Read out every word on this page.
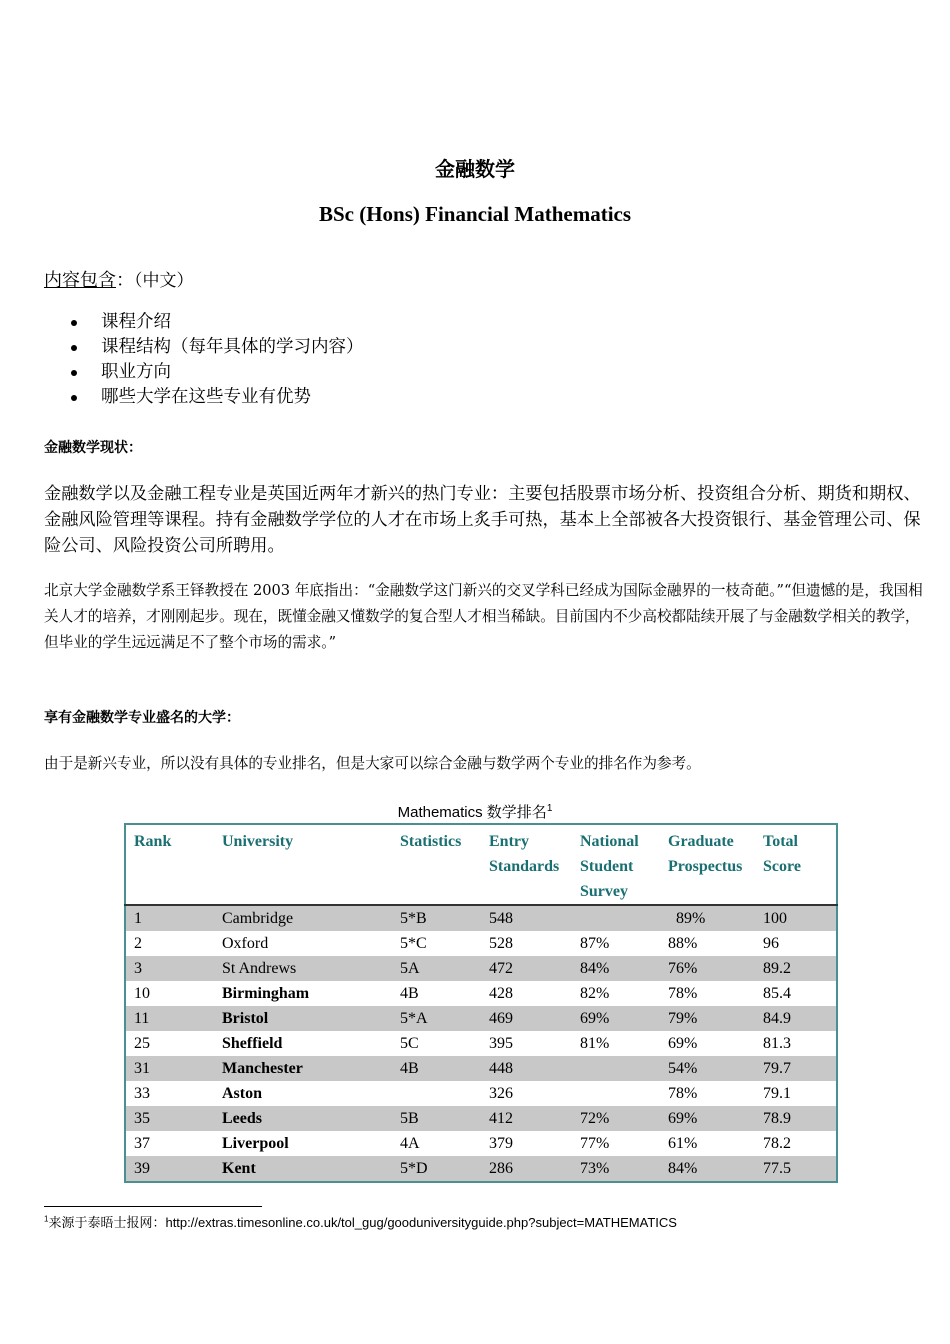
金融数学
BSc (Hons) Financial Mathematics
内容包含：（中文）
课程介绍
课程结构（每年具体的学习内容）
职业方向
哪些大学在这些专业有优势
金融数学现状：
金融数学以及金融工程专业是英国近两年才新兴的热门专业：主要包括股票市场分析、投资组合分析、期货和期权、金融风险管理等课程。持有金融数学学位的人才在市场上炙手可热，基本上全部被各大投资银行、基金管理公司、保险公司、风险投资公司所聘用。
北京大学金融数学系王铎教授在 2003 年底指出：“金融数学这门新兴的交叉学科已经成为国际金融界的一枝奇葩。”“但遗憾的是，我国相关人才的培养，才刚刚起步。现在，既懂金融又懂数学的复合型人才相当稀缺。目前国内不少高校都陆续开展了与金融数学相关的教学，但毕业的学生远远满足不了整个市场的需求。”
享有金融数学专业盛名的大学：
由于是新兴专业，所以没有具体的专业排名，但是大家可以综合金融与数学两个专业的排名作为参考。
Mathematics 数学排名$^1$
Rank	University	Statistics	Entry Standards	National Student Survey	Graduate Prospectus	Total Score
1	Cambridge	5*B	548		89%	100
2	Oxford	5*C	528	87%	88%	96
3	St Andrews	5A	472	84%	76%	89.2
10	Birmingham	4B	428	82%	78%	85.4
11	Bristol	5*A	469	69%	79%	84.9
25	Sheffield	5C	395	81%	69%	81.3
31	Manchester	4B	448		54%	79.7
33	Aston		326		78%	79.1
35	Leeds	5B	412	72%	69%	78.9
37	Liverpool	4A	379	77%	61%	78.2
39	Kent	5*D	286	73%	84%	77.5
$^1$来源于泰晤士报网：http://extras.timesonline.co.uk/tol_gug/gooduniversityguide.php?subject=MATHEMATICS
